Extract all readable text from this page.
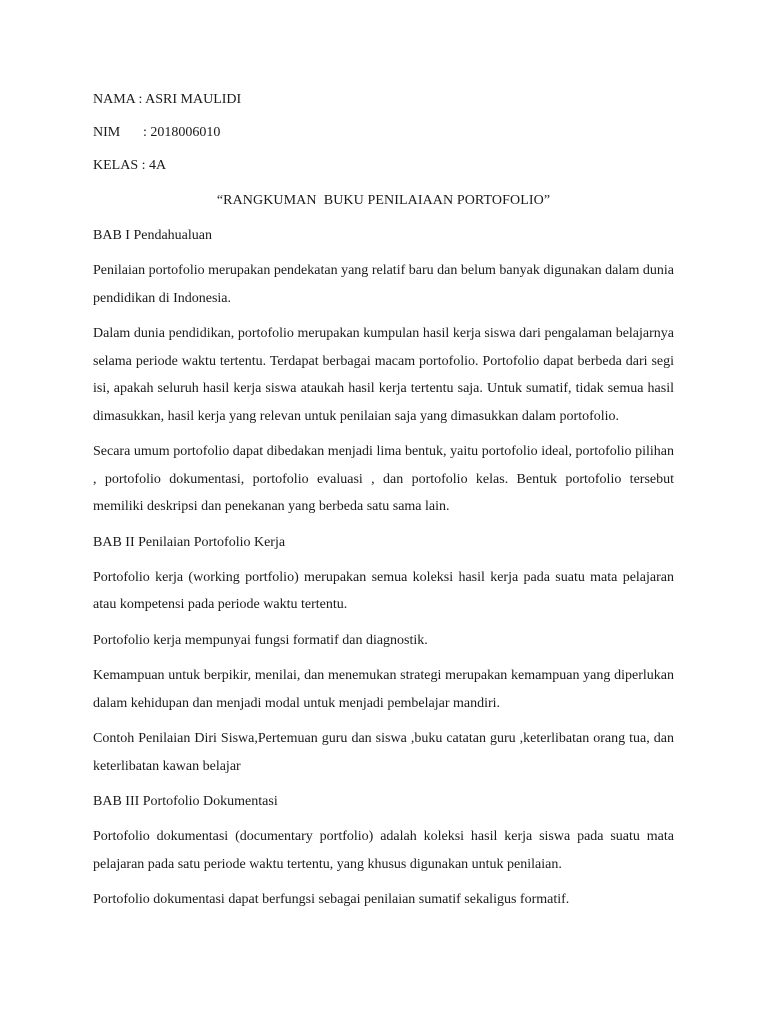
NAMA : ASRI MAULIDI

NIM : 2018006010

KELAS : 4A

“RANGKUMAN  BUKU PENILAIAAN PORTOFOLIO”

BAB I Pendahualuan

Penilaian portofolio merupakan pendekatan yang relatif baru dan belum banyak digunakan dalam dunia pendidikan di Indonesia.

Dalam dunia pendidikan, portofolio merupakan kumpulan hasil kerja siswa dari pengalaman belajarnya selama periode waktu tertentu. Terdapat berbagai macam portofolio. Portofolio dapat berbeda dari segi isi, apakah seluruh hasil kerja siswa ataukah hasil kerja tertentu saja. Untuk sumatif, tidak semua hasil dimasukkan, hasil kerja yang relevan untuk penilaian saja yang dimasukkan dalam portofolio.

Secara umum portofolio dapat dibedakan menjadi lima bentuk, yaitu portofolio ideal, portofolio pilihan , portofolio dokumentasi, portofolio evaluasi , dan portofolio kelas. Bentuk portofolio tersebut memiliki deskripsi dan penekanan yang berbeda satu sama lain.

BAB II Penilaian Portofolio Kerja

Portofolio kerja (working portfolio) merupakan semua koleksi hasil kerja pada suatu mata pelajaran atau kompetensi pada periode waktu tertentu.

Portofolio kerja mempunyai fungsi formatif dan diagnostik.

Kemampuan untuk berpikir, menilai, dan menemukan strategi merupakan kemampuan yang diperlukan dalam kehidupan dan menjadi modal untuk menjadi pembelajar mandiri.

Contoh Penilaian Diri Siswa,Pertemuan guru dan siswa ,buku catatan guru ,keterlibatan orang tua, dan keterlibatan kawan belajar

BAB III Portofolio Dokumentasi

Portofolio dokumentasi (documentary portfolio) adalah koleksi hasil kerja siswa pada suatu mata pelajaran pada satu periode waktu tertentu, yang khusus digunakan untuk penilaian.

Portofolio dokumentasi dapat berfungsi sebagai penilaian sumatif sekaligus formatif.
